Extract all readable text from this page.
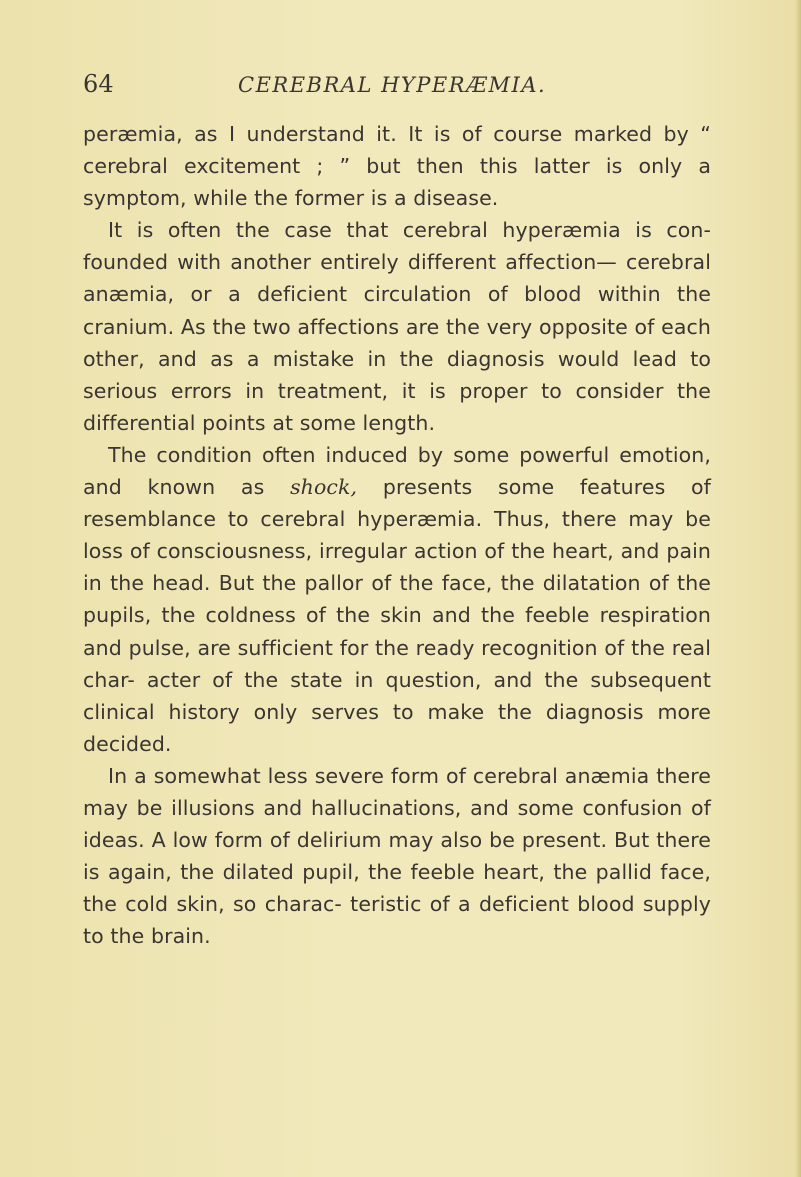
64	CEREBRAL HYPERÆMIA.

peræmia, as I understand it. It is of course marked by “ cerebral excitement ; ” but then this latter is only a symptom, while the former is a disease.

It is often the case that cerebral hyperæmia is con- founded with another entirely different affection— cerebral anæmia, or a deficient circulation of blood within the cranium. As the two affections are the very opposite of each other, and as a mistake in the diagnosis would lead to serious errors in treatment, it is proper to consider the differential points at some length.

The condition often induced by some powerful emotion, and known as shock, presents some features of resemblance to cerebral hyperæmia. Thus, there may be loss of consciousness, irregular action of the heart, and pain in the head. But the pallor of the face, the dilatation of the pupils, the coldness of the skin and the feeble respiration and pulse, are sufficient for the ready recognition of the real char- acter of the state in question, and the subsequent clinical history only serves to make the diagnosis more decided.

In a somewhat less severe form of cerebral anæmia there may be illusions and hallucinations, and some confusion of ideas. A low form of delirium may also be present. But there is again, the dilated pupil, the feeble heart, the pallid face, the cold skin, so charac- teristic of a deficient blood supply to the brain.
